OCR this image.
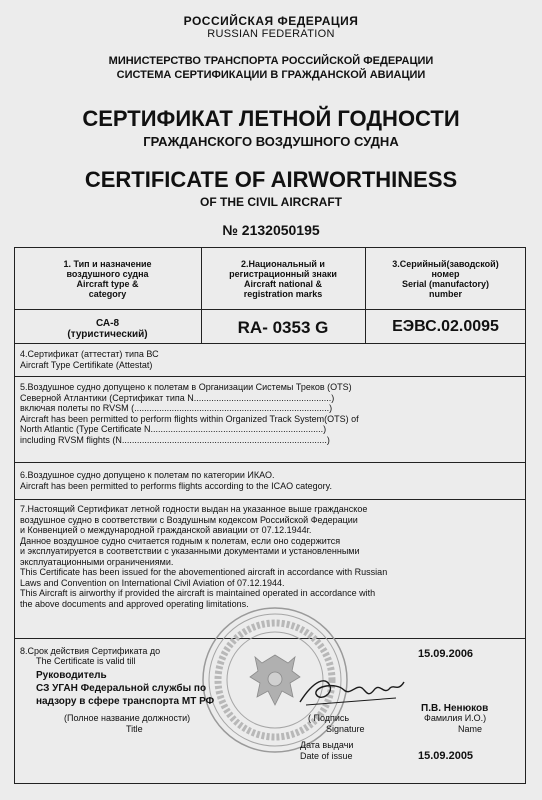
РОССИЙСКАЯ ФЕДЕРАЦИЯ
RUSSIAN FEDERATION
МИНИСТЕРСТВО ТРАНСПОРТА РОССИЙСКОЙ ФЕДЕРАЦИИ
СИСТЕМА СЕРТИФИКАЦИИ В ГРАЖДАНСКОЙ АВИАЦИИ
СЕРТИФИКАТ ЛЕТНОЙ ГОДНОСТИ
ГРАЖДАНСКОГО ВОЗДУШНОГО СУДНА
CERTIFICATE OF AIRWORTHINESS
OF THE CIVIL AIRCRAFT
№ 2132050195
1. Тип и назначение
воздушного судна
Aircraft type &
category
2.Национальный и
регистрационный знаки
Aircraft national &
registration marks
3.Серийный(заводской)
номер
Serial (manufactory)
number
СА-8
(туристический)	RA- 0353 G	ЕЭВС.02.0095
4.Сертификат (аттестат) типа ВС
Aircraft Type Certifikate (Attestat)
5.Воздушное судно допущено к полетам в Организации Системы Треков (OTS)
Северной Атлантики (Сертификат типа N.......................................................)
включая полеты по RVSM (..............................................................................)
Aircraft has been permitted to perform flights within Organized Track System(OTS) of
North Atlantic (Type Certificate N.....................................................................)
including RVSM flights (N..................................................................................)
6.Воздушное судно допущено к полетам по категории ИКАО.
Aircraft has been permitted to performs flights according to the ICAO category.
7.Настоящий Сертификат летной годности выдан на указанное выше гражданское
воздушное судно в соответствии с Воздушным кодексом Российской Федерации
и Конвенцией о международной гражданской авиации от 07.12.1944г.
Данное воздушное судно считается годным к полетам, если оно содержится
и эксплуатируется в соответствии с указанными документами и установленными
эксплуатационными ограничениями.
This Certificate has been issued for the abovementioned aircraft in accordance with Russian
Laws and Convention on International Civil Aviation of 07.12.1944.
This Aircraft is airworthy if provided the aircraft is maintained operated in accordance with
the above documents and approved operating limitations.
8.Срок действия Сертификата до
The Certificate is valid till
15.09.2006
Руководитель
СЗ УГАН Федеральной службы по
надзору в сфере транспорта МТ РФ
(Полное название должности)
Title
( Подпись
Signature
П.В. Ненюков
Фамилия И.О.)
Name
Дата выдачи
Date of issue	15.09.2005
